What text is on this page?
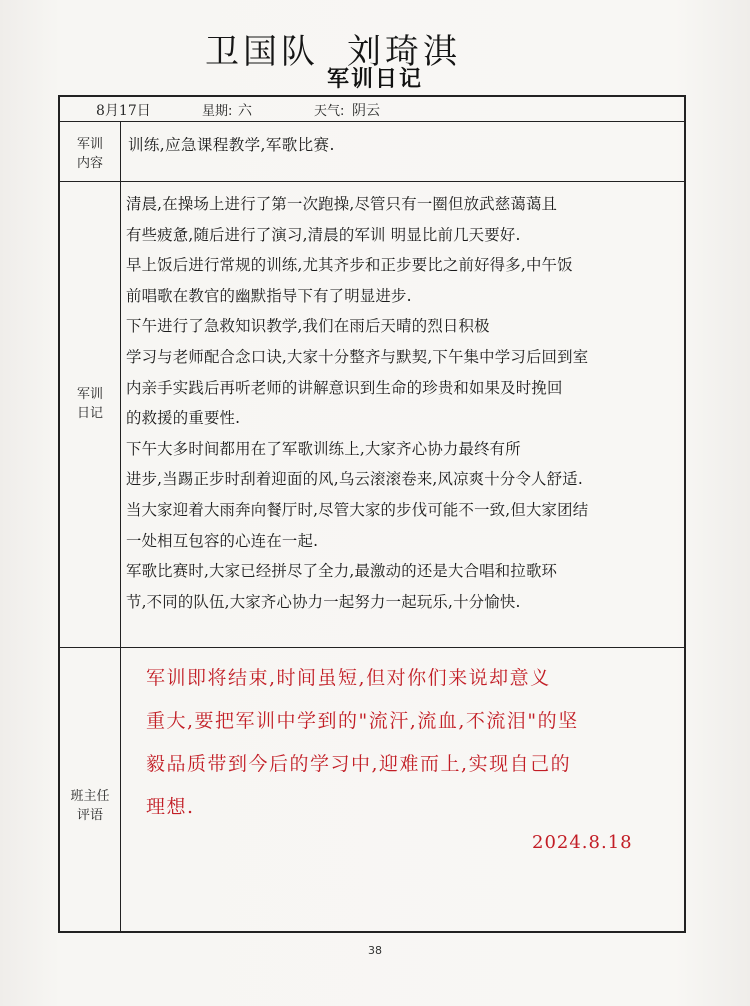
卫国队 刘琦淇
军训日记
8月17日	星期: 六	天气: 阴云
军训内容
军训日记
班主任评语
训练,应急课程教学,军歌比赛.

清晨,在操场上进行了第一次跑操,尽管只有一圈但放武慈蔼蔼且

有些疲惫,随后进行了演习,清晨的军训 明显比前几天要好.

早上饭后进行常规的训练,尤其齐步和正步要比之前好得多,中午饭

前唱歌在教官的幽默指导下有了明显进步.

下午进行了急救知识教学,我们在雨后天晴的烈日积极

学习与老师配合念口诀,大家十分整齐与默契,下午集中学习后回到室

内亲手实践后再听老师的讲解意识到生命的珍贵和如果及时挽回

的救援的重要性.

下午大多时间都用在了军歌训练上,大家齐心协力最终有所

进步,当踢正步时刮着迎面的风,乌云滚滚卷来,风凉爽十分令人舒适.

当大家迎着大雨奔向餐厅时,尽管大家的步伐可能不一致,但大家团结

一处相互包容的心连在一起.

军歌比赛时,大家已经拼尽了全力,最激动的还是大合唱和拉歌环

节,不同的队伍,大家齐心协力一起努力一起玩乐,十分愉快.

军训即将结束,时间虽短,但对你们来说却意义

重大,要把军训中学到的"流汗,流血,不流泪"的坚

毅品质带到今后的学习中,迎难而上,实现自己的

理想.

2024.8.18
38
